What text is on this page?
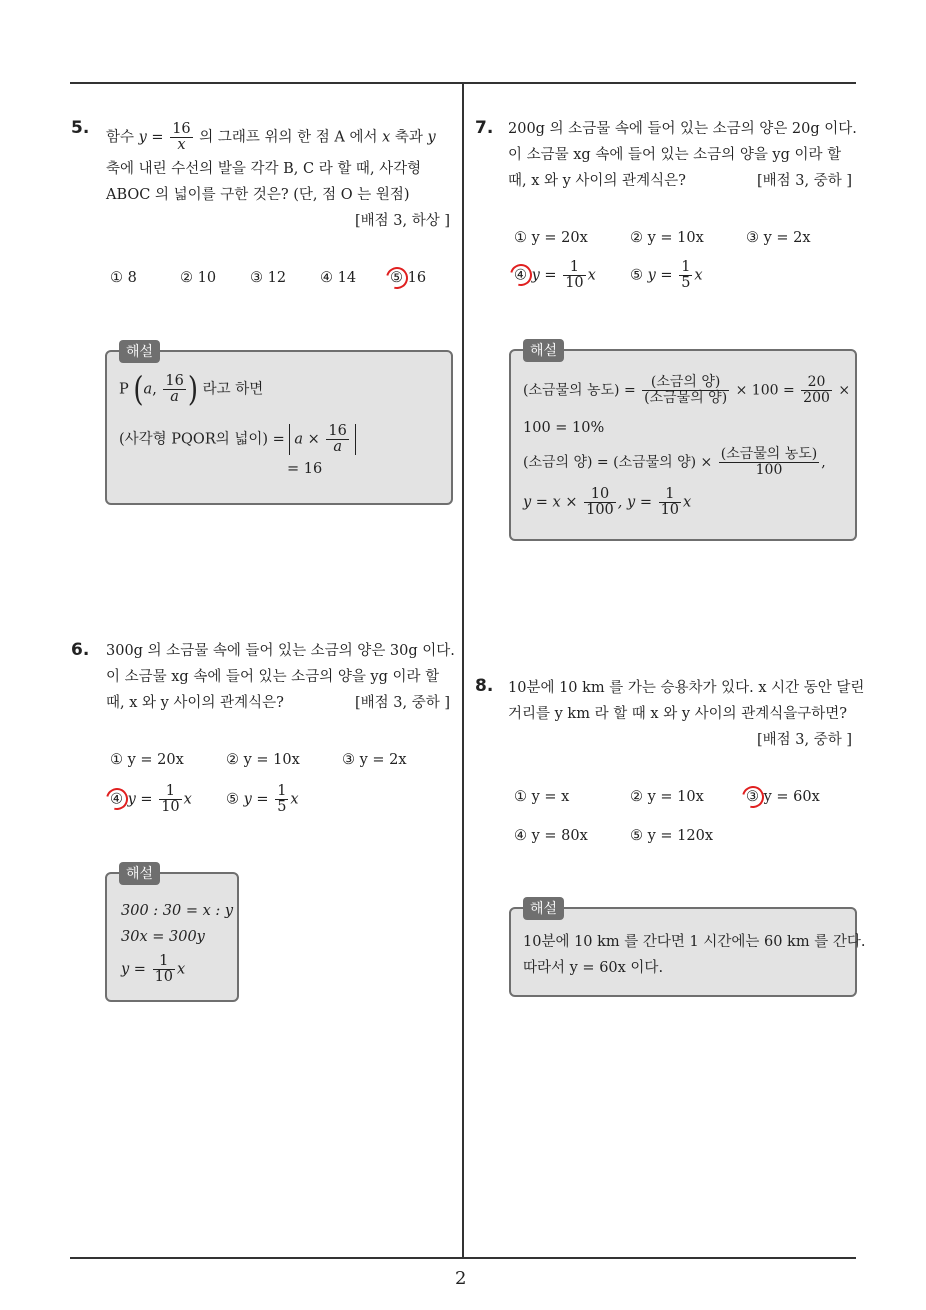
2
5. 함수 $y = \frac{16}{x}$ 의 그래프 위의 한 점 A 에서 x 축과 y
축에 내린 수선의 발을 각각 B, C 라 할 때, 사각형
ABOC 의 넓이를 구한 것은? (단, 점 O 는 원점)
[배점 3, 하상 ]
① 8	② 10 ③ 12 ④ 14 ⑤ 16
P (a, $\frac{16}{a}$ ) 라고 하면
(사각형 PQOR의 넓이) = $a \times \frac{16}{a}$
= 16
해설
6. 300g 의 소금물 속에 들어 있는 소금의 양은 30g 이다.
이 소금물 xg 속에 들어 있는 소금의 양을 yg 이라 할
때, x 와 y 사이의 관계식은?	[배점 3, 중하 ]
① y = 20x	② y = 10x	③ y = 2x
④ $y = \frac{1}{10}$ x ⑤ $y = \frac{1}{5}$ x
300 : 30 = x : y
30x = 300y
$y = \frac{1}{10}$ x
해설
7. 200g 의 소금물 속에 들어 있는 소금의 양은 20g 이다.
이 소금물 xg 속에 들어 있는 소금의 양을 yg 이라 할
때, x 와 y 사이의 관계식은?	[배점 3, 중하 ]
① y = 20x	② y = 10x	③ y = 2x
④ $y = \frac{1}{10}$ x ⑤ $y = \frac{1}{5}$ x
(소금물의 농도) = $\frac{\text{(소금의 양)}}{\text{(소금물의 양)}} \times 100 = \frac{20}{200}$ ×
100 = 10%
(소금의 양) = (소금물의 양) × $\frac{\text{(소금물의 농도)}}{100}$ ,
$y = x \times \frac{10}{100}$ , $y = \frac{1}{10}$ x
해설
8. 10분에 10 km 를 가는 승용차가 있다. x 시간 동안 달린
거리를 y km 라 할 때 x 와 y 사이의 관계식을구하면?
[배점 3, 중하 ]
① y = x	② y = 10x	③ y = 60x
④ y = 80x	⑤ y = 120x
10분에 10 km 를 간다면 1 시간에는 60 km 를 간다.
따라서 y = 60x 이다.
해설
